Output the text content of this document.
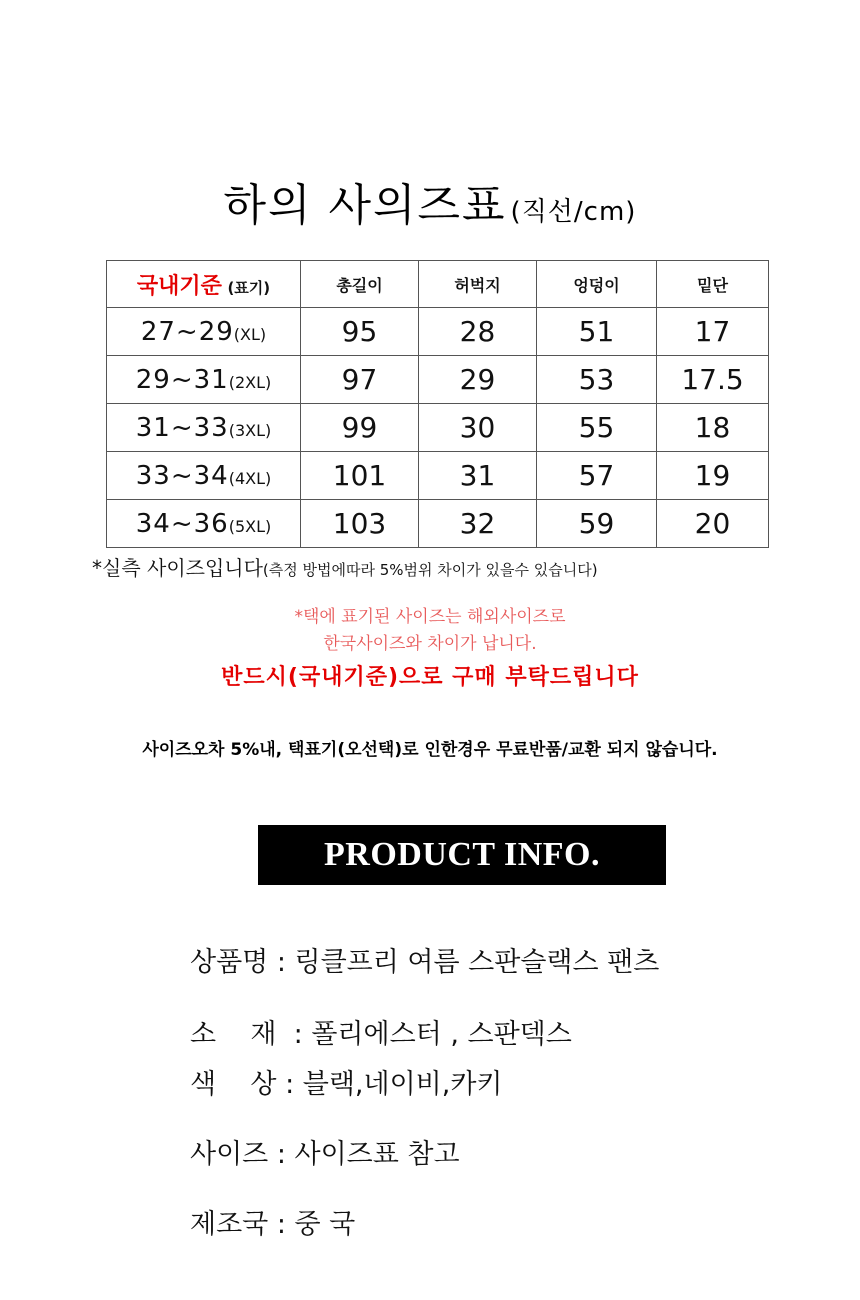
하의 사의즈표 (직선/cm)
국내기준 (표기)	총길이	허벅지	엉덩이	밑단
27~29(XL)	95	28	51	17
29~31(2XL)	97	29	53	17.5
31~33(3XL)	99	30	55	18
33~34(4XL)	101	31	57	19
34~36(5XL)	103	32	59	20
*실측 사이즈입니다(측정 방법에따라 5%범위 차이가 있을수 있습니다)
*택에 표기된 사이즈는 해외사이즈로
한국사이즈와 차이가 납니다.
반드시(국내기준)으로 구매 부탁드립니다
사이즈오차 5%내, 택표기(오선택)로 인한경우 무료반품/교환 되지 않습니다.
PRODUCT INFO.
상품명 : 링클프리 여름 스판슬랙스 팬츠
소    재  : 폴리에스터 , 스판덱스
색    상 : 블랙,네이비,카키
사이즈 : 사이즈표 참고
제조국 : 중 국
